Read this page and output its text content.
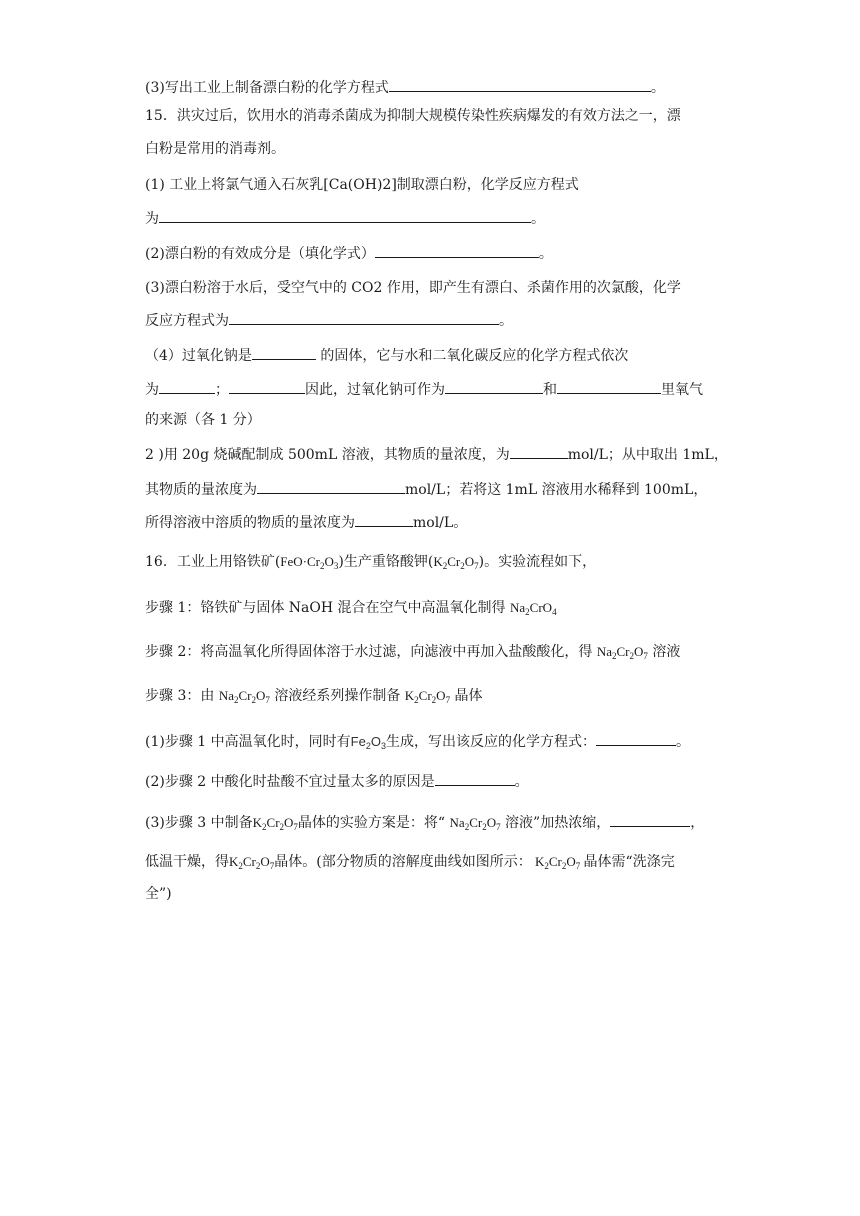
(3)写出工业上制备漂白粉的化学方程式	。
15．洪灾过后，饮用水的消毒杀菌成为抑制大规模传染性疾病爆发的有效方法之一，漂
白粉是常用的消毒剂。
(1) 工业上将氯气通入石灰乳[Ca(OH)2]制取漂白粉，化学反应方程式
为	。
(2)漂白粉的有效成分是（填化学式）	。
(3)漂白粉溶于水后，受空气中的 CO2 作用，即产生有漂白、杀菌作用的次氯酸，化学
反应方程式为	。
（4）过氧化钠是	的固体，它与水和二氧化碳反应的化学方程式依次
为	；	因此，过氧化钠可作为	和	里氧气
的来源（各 1 分）
2 )用 20g 烧碱配制成 500mL 溶液，其物质的量浓度，为	mol/L；从中取出 1mL，
其物质的量浓度为	mol/L；若将这 1mL 溶液用水稀释到 100mL，
所得溶液中溶质的物质的量浓度为	mol/L。
16．工业上用铬铁矿$(FeO\cdot Cr_2O_3)$生产重铬酸钾$(K_2Cr_2O_7)$。实验流程如下，
步骤 1：铬铁矿与固体 NaOH 混合在空气中高温氧化制得 $Na_2CrO_4$
步骤 2：将高温氧化所得固体溶于水过滤，向滤液中再加入盐酸酸化，得 $Na_2Cr_2O_7$ 溶液
步骤 3：由 $Na_2Cr_2O_7$ 溶液经系列操作制备 $K_2Cr_2O_7$ 晶体
(1)步骤 1 中高温氧化时，同时有$Fe_2O_3$生成，写出该反应的化学方程式：	。
(2)步骤 2 中酸化时盐酸不宜过量太多的原因是	。
(3)步骤 3 中制备$K_2Cr_2O_7$晶体的实验方案是：将“ $Na_2Cr_2O_7$ 溶液”加热浓缩，	，
低温干燥，得$K_2Cr_2O_7$晶体。(部分物质的溶解度曲线如图所示： $K_2Cr_2O_7$ 晶体需“洗涤完
全”)
